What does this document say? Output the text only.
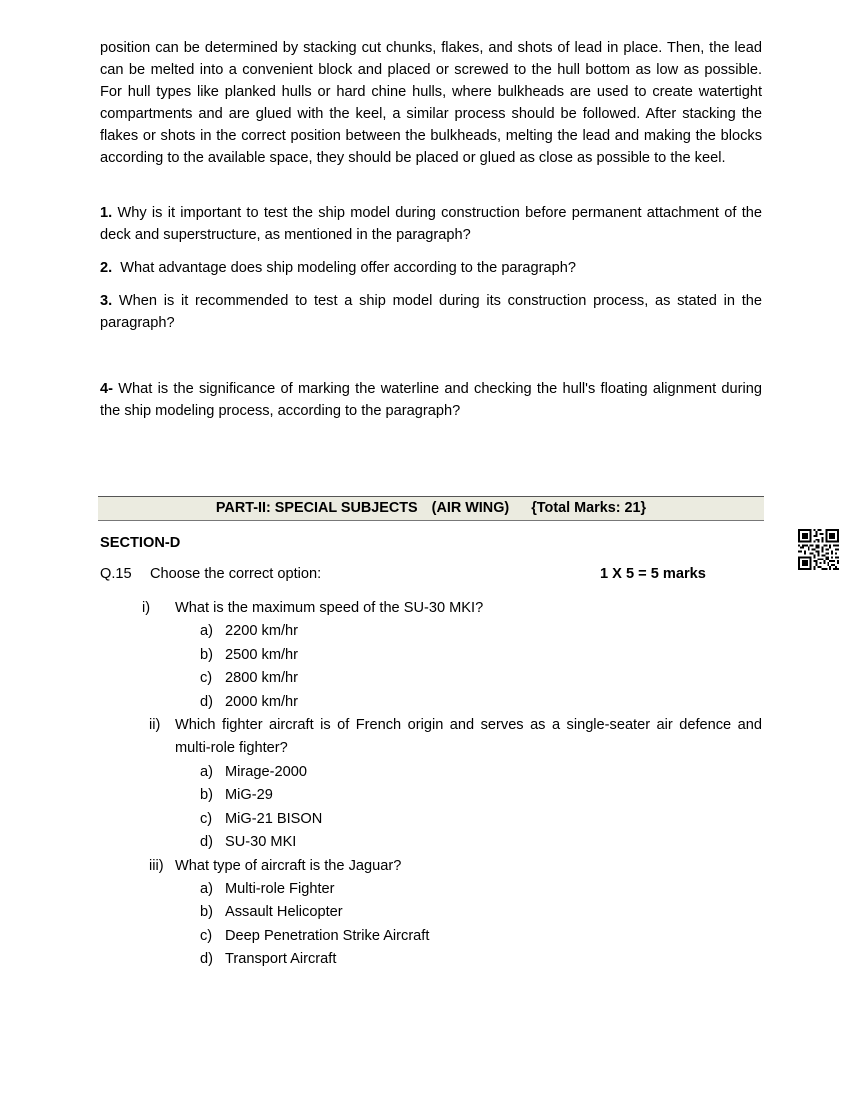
position can be determined by stacking cut chunks, flakes, and shots of lead in place. Then, the lead can be melted into a convenient block and placed or screwed to the hull bottom as low as possible. For hull types like planked hulls or hard chine hulls, where bulkheads are used to create watertight compartments and are glued with the keel, a similar process should be followed. After stacking the flakes or shots in the correct position between the bulkheads, melting the lead and making the blocks according to the available space, they should be placed or glued as close as possible to the keel.

1. Why is it important to test the ship model during construction before permanent attachment of the deck and superstructure, as mentioned in the paragraph?

2.  What advantage does ship modeling offer according to the paragraph?

3. When is it recommended to test a ship model during its construction process, as stated in the paragraph?

4- What is the significance of marking the waterline and checking the hull's floating alignment during the ship modeling process, according to the paragraph?

PART-II: SPECIAL SUBJECTS (AIR WING) {Total Marks: 21}
SECTION-D
Q.15 Choose the correct option:	1 X 5 = 5 marks
i)	What is the maximum speed of the SU-30 MKI?
a) 2200 km/hr
b) 2500 km/hr
c) 2800 km/hr
d) 2000 km/hr
ii)	Which fighter aircraft is of French origin and serves as a single-seater air defence and multi-role fighter?
a) Mirage-2000
b) MiG-29
c) MiG-21 BISON
d) SU-30 MKI
iii) What type of aircraft is the Jaguar?
a) Multi-role Fighter
b) Assault Helicopter
c) Deep Penetration Strike Aircraft
d) Transport Aircraft
